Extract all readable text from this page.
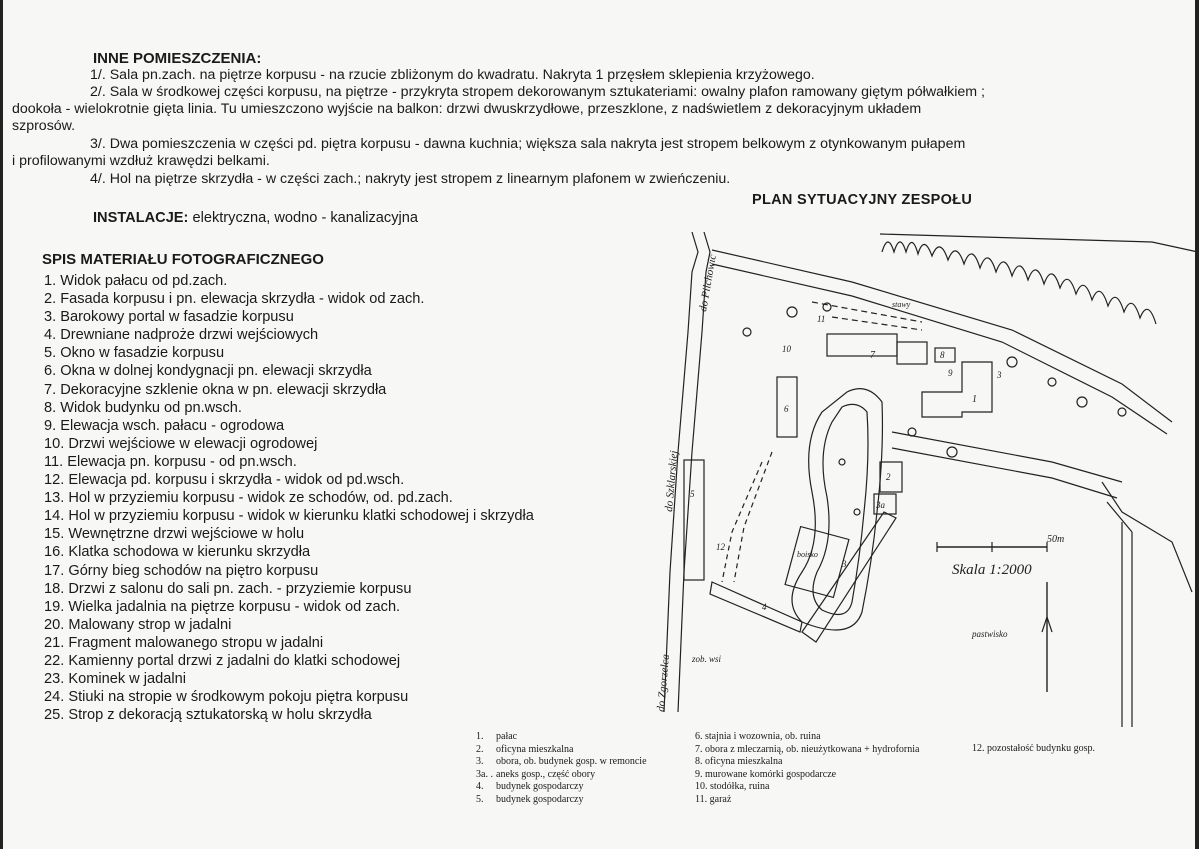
INNE POMIESZCZENIA:
1/. Sala pn.zach. na piętrze korpusu - na rzucie zbliżonym do kwadratu. Nakryta 1 przęsłem sklepienia krzyżowego.
2/. Sala w środkowej części korpusu, na piętrze - przykryta stropem dekorowanym sztukateriami: owalny plafon ramowany giętym półwałkiem ;
dookoła - wielokrotnie gięta linia. Tu umieszczono wyjście na balkon: drzwi dwuskrzydłowe, przeszklone, z nadświetlem z dekoracyjnym układem
szprosów.
3/. Dwa pomieszczenia w części pd. piętra korpusu - dawna kuchnia; większa sala nakryta jest stropem belkowym z otynkowanym pułapem
i profilowanymi wzdłuż krawędzi belkami.
4/. Hol na piętrze skrzydła - w części zach.; nakryty jest stropem z linearnym plafonem w zwieńczeniu.
INSTALACJE: elektryczna, wodno - kanalizacyjna
SPIS MATERIAŁU FOTOGRAFICZNEGO
1. Widok pałacu od pd.zach.
2. Fasada korpusu i pn. elewacja skrzydła - widok od zach.
3. Barokowy portal w fasadzie korpusu
4. Drewniane nadproże drzwi wejściowych
5. Okno w fasadzie korpusu
6. Okna w dolnej kondygnacji pn. elewacji skrzydła
7. Dekoracyjne szklenie okna w pn. elewacji skrzydła
8. Widok budynku od pn.wsch.
9. Elewacja wsch. pałacu - ogrodowa
10. Drzwi wejściowe w elewacji ogrodowej
11. Elewacja pn. korpusu - od pn.wsch.
12. Elewacja pd. korpusu i skrzydła - widok od pd.wsch.
13. Hol w przyziemiu korpusu - widok ze schodów, od. pd.zach.
14. Hol w przyziemiu korpusu - widok w kierunku klatki schodowej i skrzydła
15. Wewnętrzne drzwi wejściowe w holu
16. Klatka schodowa w kierunku skrzydła
17. Górny bieg schodów na piętro korpusu
18. Drzwi z salonu do sali pn. zach. - przyziemie korpusu
19. Wielka jadalnia na piętrze korpusu - widok od zach.
20. Malowany strop w jadalni
21. Fragment malowanego stropu w jadalni
22. Kamienny portal drzwi z jadalni do klatki schodowej
23. Kominek w jadalni
24. Stiuki na stropie w środkowym pokoju piętra korpusu
25. Strop z dekoracją sztukatorską w holu skrzydła
PLAN SYTUACYJNY ZESPOŁU
do Pilchowic
do Szklarskiej
do Zgorzelca zob. wsi
pastwisko
boisko
50m
Skala 1:2000
7
1
8
9
6
5
2
3a
3
4
11
10
12
3
stawy
1. pałac
2. oficyna mieszkalna
3. obora, ob. budynek gosp. w remoncie
3a. . aneks gosp., część obory
4. budynek gospodarczy
5. budynek gospodarczy
6. stajnia i wozownia, ob. ruina
7. obora z mleczarnią, ob. nieużytkowana + hydrofornia
8. oficyna mieszkalna
9. murowane komórki gospodarcze
10. stodółka, ruina
11. garaż
12. pozostałość budynku gosp.
